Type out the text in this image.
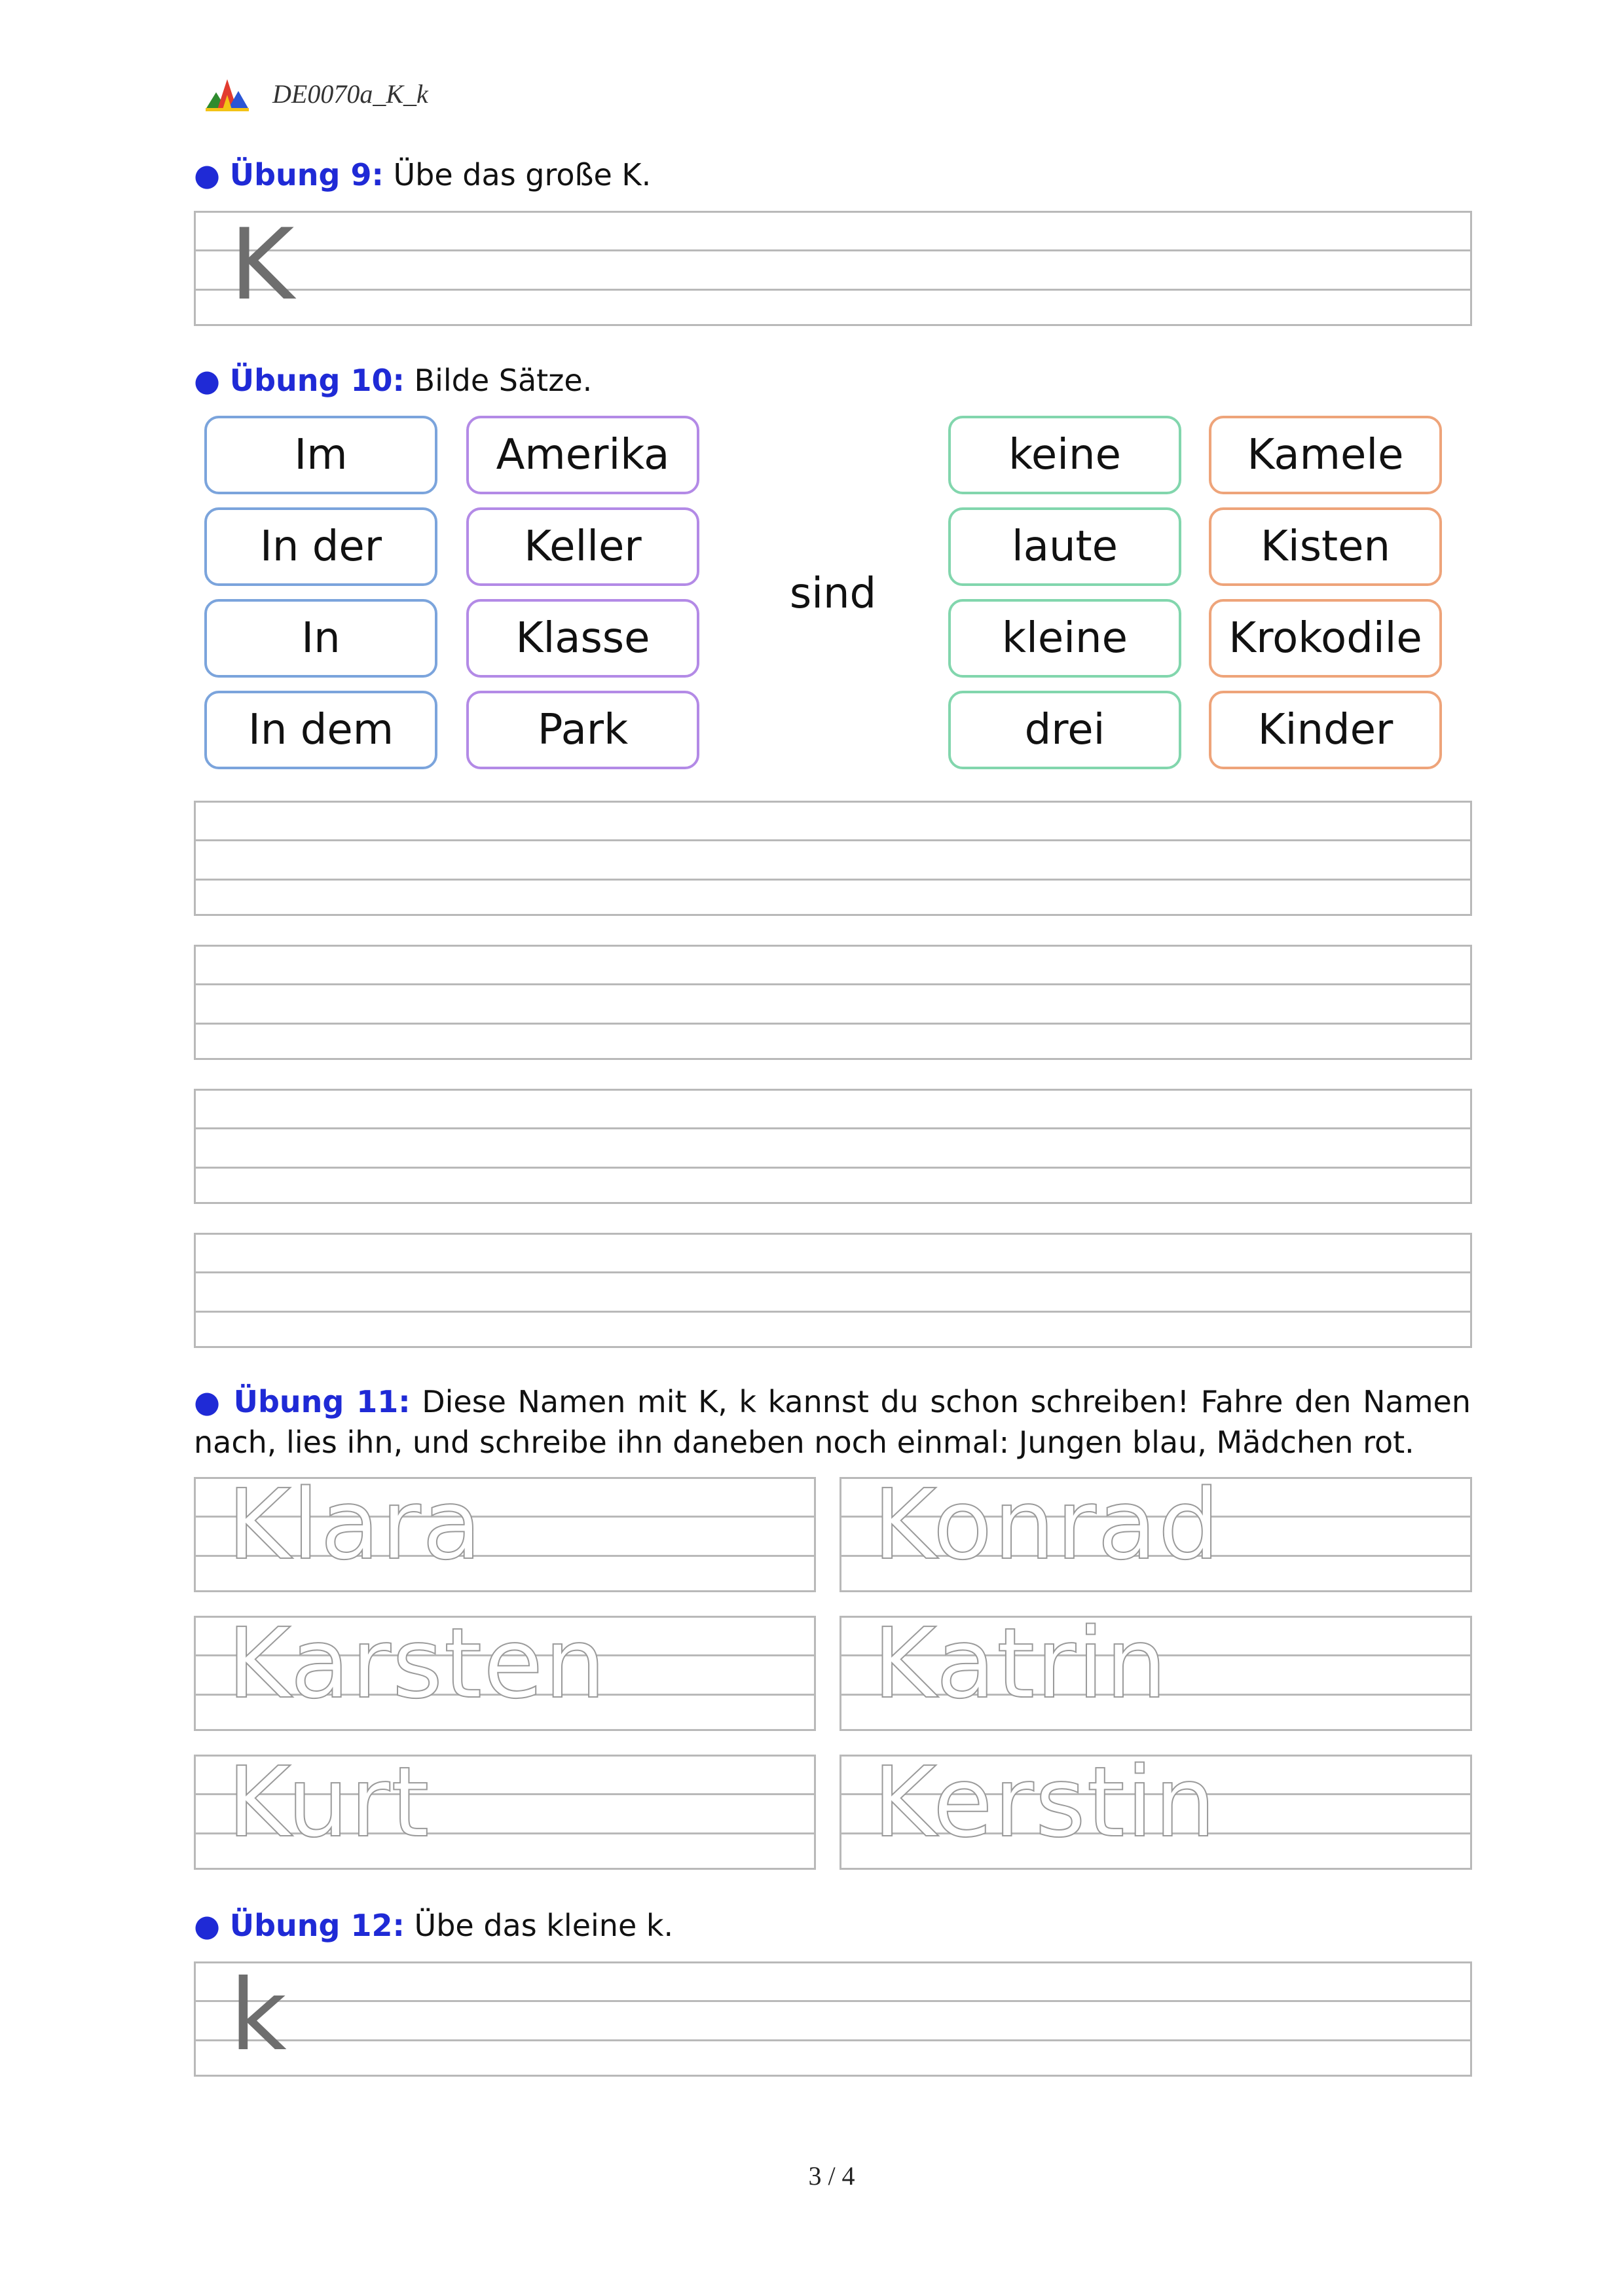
DE0070a_K_k
● Übung 9: Übe das große K.
K
● Übung 10: Bilde Sätze.
Im
In der
In
In dem
Amerika
Keller
Klasse
Park
sind
keine
laute
kleine
drei
Kamele
Kisten
Krokodile
Kinder
● Übung 11: Diese Namen mit K, k kannst du schon schreiben! Fahre den Namen nach, lies ihn, und schreibe ihn daneben noch einmal: Jungen blau, Mädchen rot.
Klara	Konrad
Karsten	Katrin
Kurt	Kerstin
● Übung 12: Übe das kleine k.
k
3 / 4
